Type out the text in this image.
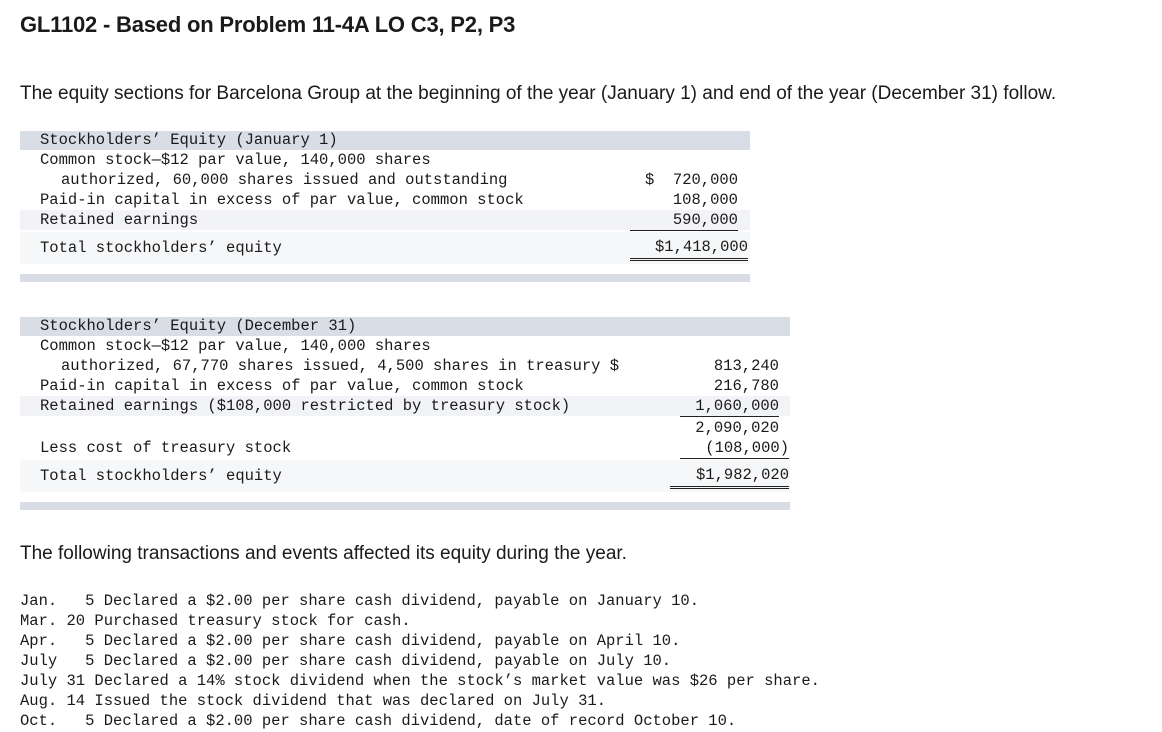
GL1102 - Based on Problem 11-4A LO C3, P2, P3
The equity sections for Barcelona Group at the beginning of the year (January 1) and end of the year (December 31) follow.
Stockholders’ Equity (January 1)
Common stock—$12 par value, 140,000 shares
authorized, 60,000 shares issued and outstanding	$  720,000
Paid-in capital in excess of par value, common stock	108,000
Retained earnings	590,000
Total stockholders’ equity	$1,418,000
Stockholders’ Equity (December 31)
Common stock—$12 par value, 140,000 shares
authorized, 67,770 shares issued, 4,500 shares in treasury $	813,240
Paid-in capital in excess of par value, common stock	216,780
Retained earnings ($108,000 restricted by treasury stock)	1,060,000
2,090,020
Less cost of treasury stock	(108,000)
Total stockholders’ equity	$1,982,020
The following transactions and events affected its equity during the year.
Jan.   5 Declared a $2.00 per share cash dividend, payable on January 10.
Mar. 20 Purchased treasury stock for cash.
Apr.   5 Declared a $2.00 per share cash dividend, payable on April 10.
July   5 Declared a $2.00 per share cash dividend, payable on July 10.
July 31 Declared a 14% stock dividend when the stock’s market value was $26 per share.
Aug. 14 Issued the stock dividend that was declared on July 31.
Oct.   5 Declared a $2.00 per share cash dividend, date of record October 10.
